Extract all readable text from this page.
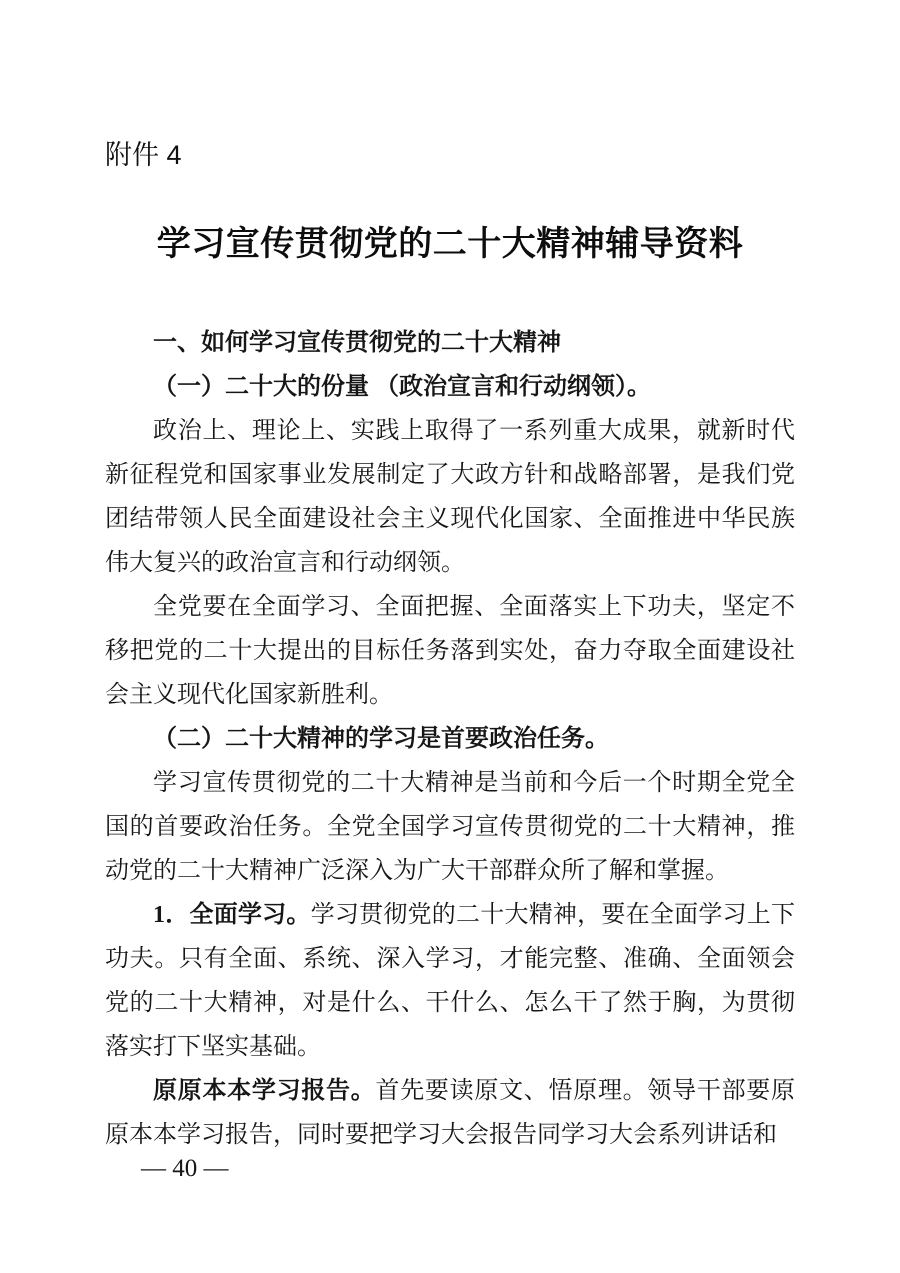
附件 4
学习宣传贯彻党的二十大精神辅导资料

一、如何学习宣传贯彻党的二十大精神

（一）二十大的份量 （政治宣言和行动纲领）。

政治上、理论上、实践上取得了一系列重大成果，就新时代新征程党和国家事业发展制定了大政方针和战略部署，是我们党团结带领人民全面建设社会主义现代化国家、全面推进中华民族伟大复兴的政治宣言和行动纲领。

全党要在全面学习、全面把握、全面落实上下功夫，坚定不移把党的二十大提出的目标任务落到实处，奋力夺取全面建设社会主义现代化国家新胜利。

（二）二十大精神的学习是首要政治任务。

学习宣传贯彻党的二十大精神是当前和今后一个时期全党全国的首要政治任务。全党全国学习宣传贯彻党的二十大精神，推动党的二十大精神广泛深入为广大干部群众所了解和掌握。

1．全面学习。学习贯彻党的二十大精神，要在全面学习上下功夫。只有全面、系统、深入学习，才能完整、准确、全面领会党的二十大精神，对是什么、干什么、怎么干了然于胸，为贯彻落实打下坚实基础。

原原本本学习报告。首先要读原文、悟原理。领导干部要原原本本学习报告，同时要把学习大会报告同学习大会系列讲话和

— 40 —
